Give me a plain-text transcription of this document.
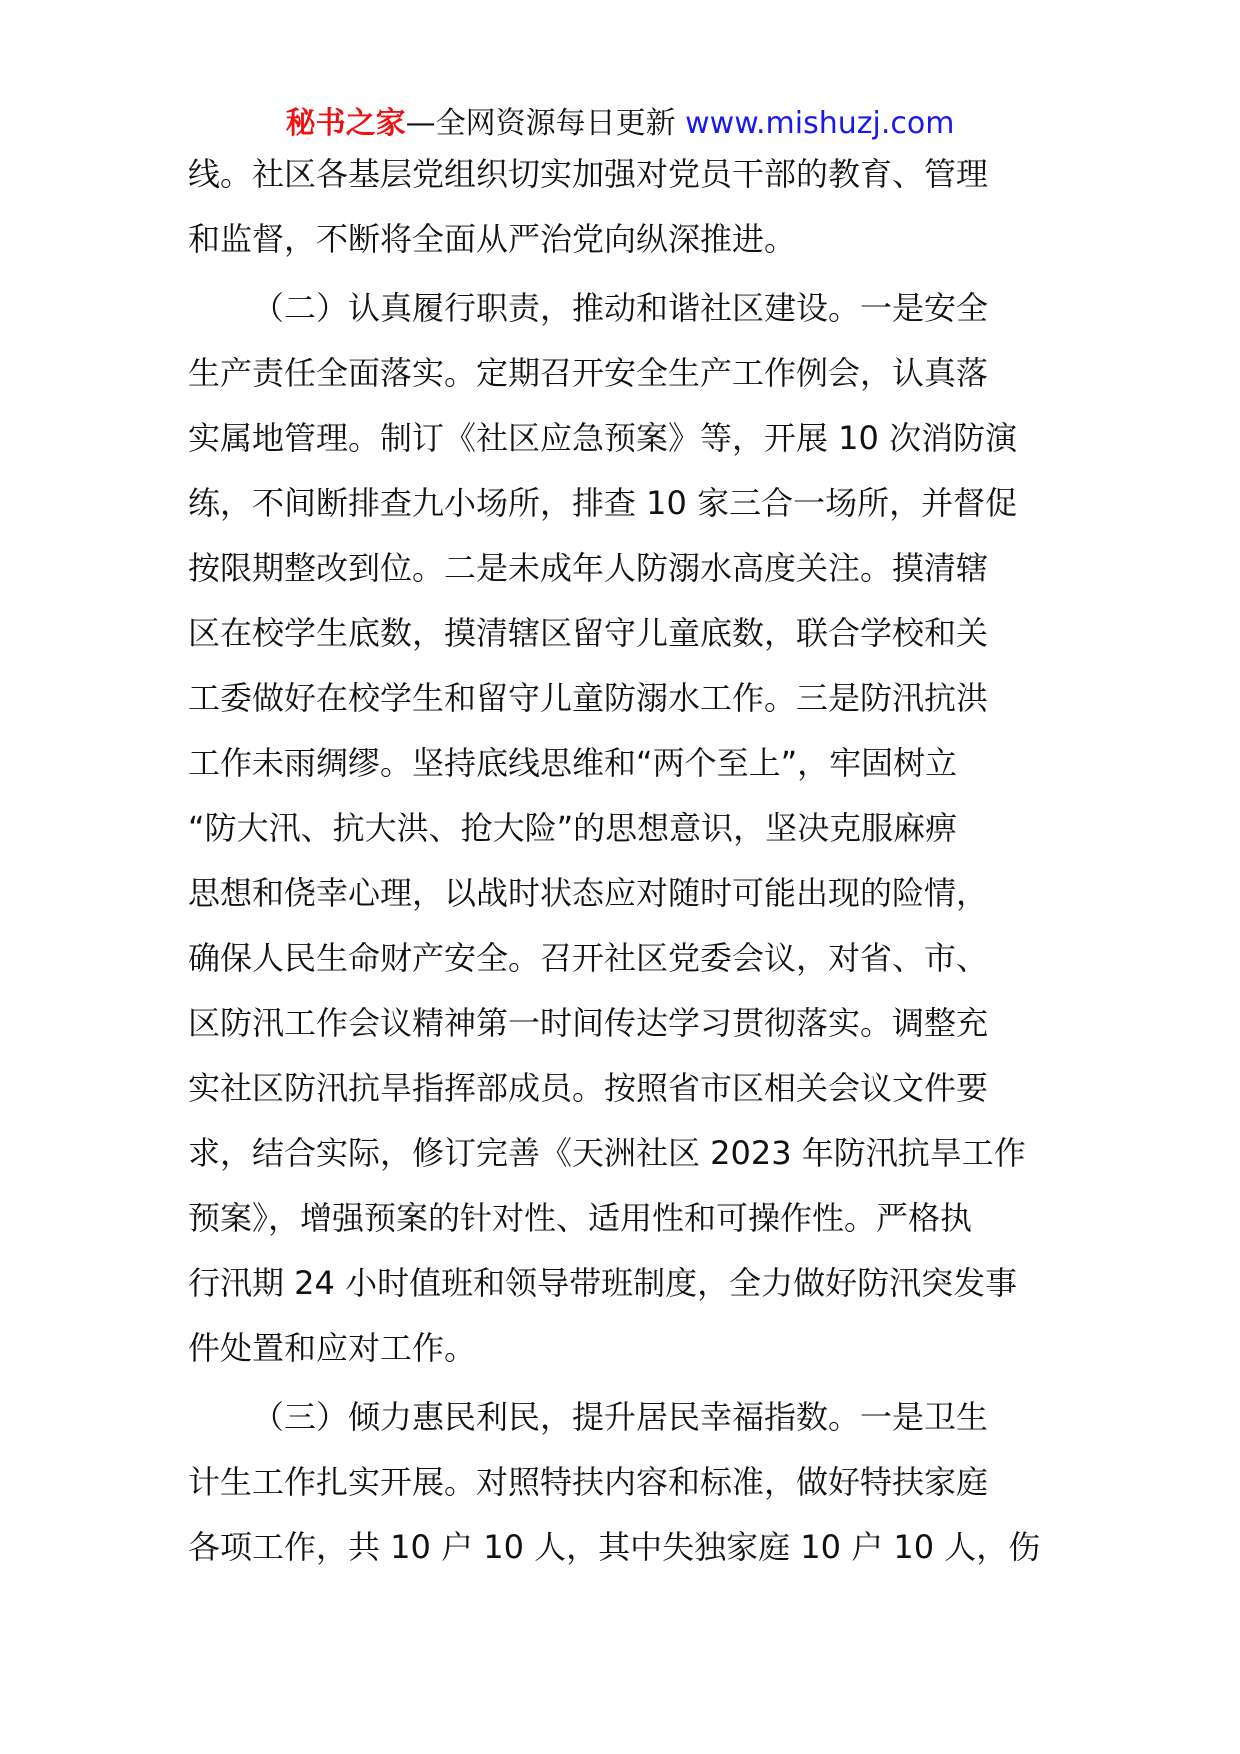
秘书之家—全网资源每日更新 www.mishuzj.com
线。社区各基层党组织切实加强对党员干部的教育、管理
和监督，不断将全面从严治党向纵深推进。
（二）认真履行职责，推动和谐社区建设。一是安全
生产责任全面落实。定期召开安全生产工作例会，认真落
实属地管理。制订《社区应急预案》等，开展 10 次消防演
练，不间断排查九小场所，排查 10 家三合一场所，并督促
按限期整改到位。二是未成年人防溺水高度关注。摸清辖
区在校学生底数，摸清辖区留守儿童底数，联合学校和关
工委做好在校学生和留守儿童防溺水工作。三是防汛抗洪
工作未雨绸缪。坚持底线思维和“两个至上”，牢固树立
“防大汛、抗大洪、抢大险”的思想意识，坚决克服麻痹
思想和侥幸心理，以战时状态应对随时可能出现的险情，
确保人民生命财产安全。召开社区党委会议，对省、市、
区防汛工作会议精神第一时间传达学习贯彻落实。调整充
实社区防汛抗旱指挥部成员。按照省市区相关会议文件要
求，结合实际，修订完善《天洲社区 2023 年防汛抗旱工作
预案》，增强预案的针对性、适用性和可操作性。严格执
行汛期 24 小时值班和领导带班制度，全力做好防汛突发事
件处置和应对工作。
（三）倾力惠民利民，提升居民幸福指数。一是卫生
计生工作扎实开展。对照特扶内容和标准，做好特扶家庭
各项工作，共 10 户 10 人，其中失独家庭 10 户 10 人，伤
